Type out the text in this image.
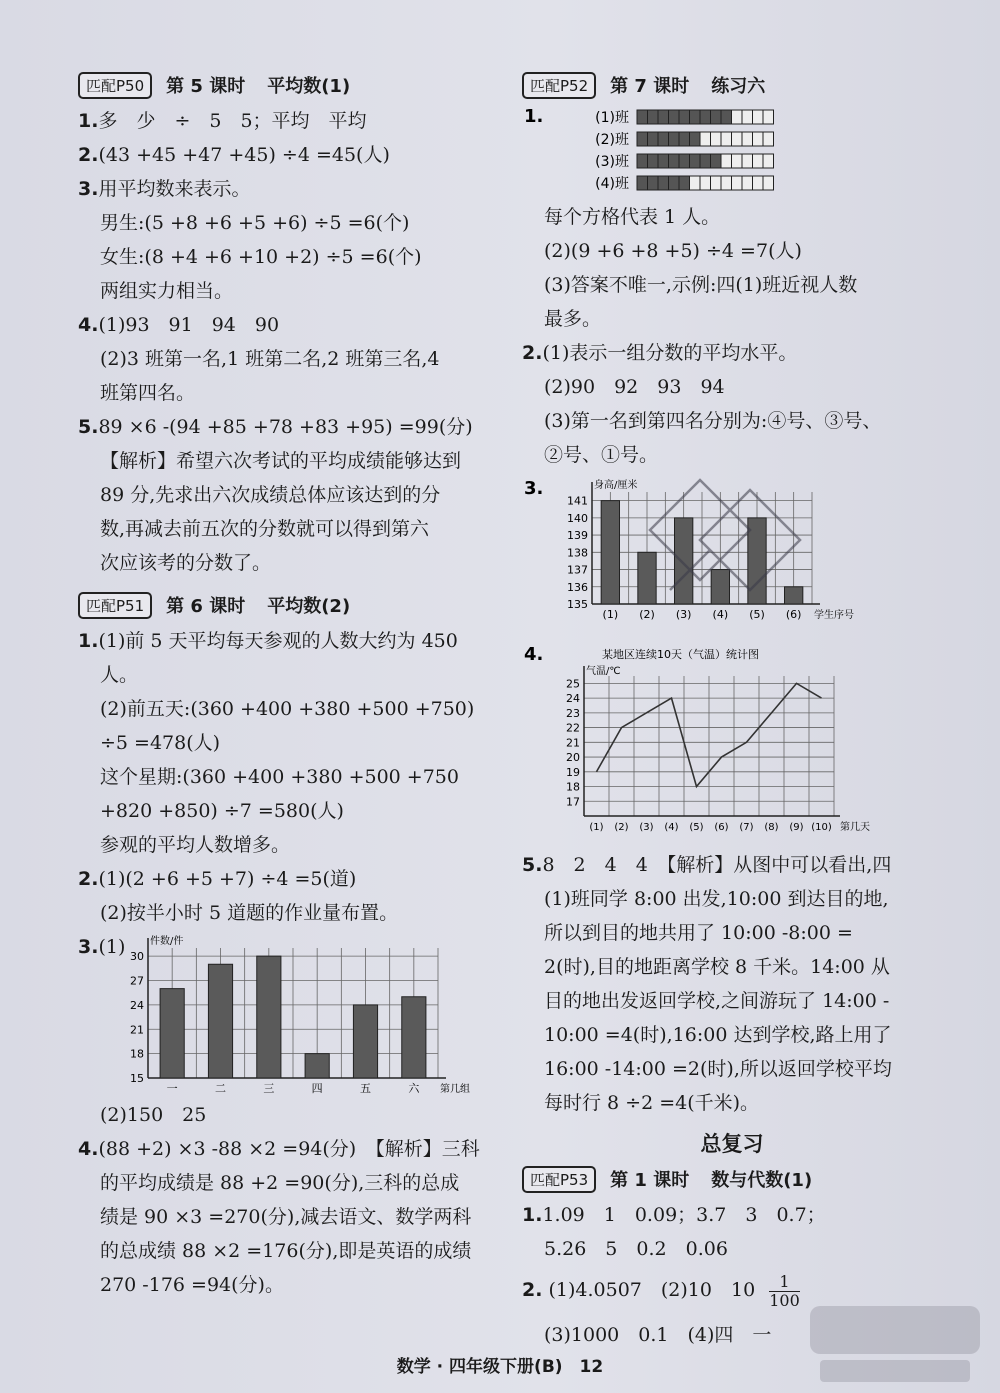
匹配P50	第 5 课时 平均数(1)
1.多　少　÷　5　5；平均　平均
2.(43 +45 +47 +45) ÷4 =45(人)
3.用平均数来表示。
男生:(5 +8 +6 +5 +6) ÷5 =6(个)
女生:(8 +4 +6 +10 +2) ÷5 =6(个)
两组实力相当。
4.(1)93　91　94　90
(2)3 班第一名,1 班第二名,2 班第三名,4
班第四名。
5.89 ×6 -(94 +85 +78 +83 +95) =99(分)
【解析】希望六次考试的平均成绩能够达到
89 分,先求出六次成绩总体应该达到的分
数,再减去前五次的分数就可以得到第六
次应该考的分数了。
匹配P51	第 6 课时 平均数(2)
1.(1)前 5 天平均每天参观的人数大约为 450
人。
(2)前五天:(360 +400 +380 +500 +750)
÷5 =478(人)
这个星期:(360 +400 +380 +500 +750
+820 +850) ÷7 =580(人)
参观的平均人数增多。
2.(1)(2 +6 +5 +7) ÷4 =5(道)
(2)按半小时 5 道题的作业量布置。
3.(1)
15
18
21
24
27
30
一	二	三	四	五	六
件数/件
第几组
(2)150　25
4.(88 +2) ×3 -88 ×2 =94(分)　【解析】三科
的平均成绩是 88 +2 =90(分),三科的总成
绩是 90 ×3 =270(分),减去语文、数学两科
的总成绩 88 ×2 =176(分),即是英语的成绩
270 -176 =94(分)。
匹配P52	第 7 课时 练习六
1.	(1)班
(2)班
(3)班
(4)班
每个方格代表 1 人。
(2)(9 +6 +8 +5) ÷4 =7(人)
(3)答案不唯一,示例:四(1)班近视人数
最多。
2.(1)表示一组分数的平均水平。
(2)90　92　93　94
(3)第一名到第四名分别为:④号、③号、
②号、①号。
135
136
137
138
139
140
141
(1) (2) (3) (4) (5) (6)
身高/厘米
学生序号
3.
4.	某地区连续10天（气温）统计图
17
18
19
20
21
22
23
24
25
(1) (2) (3) (4) (5) (6) (7) (8) (9) (10)
气温/℃
第几天
5.8　2　4　4　【解析】从图中可以看出,四
(1)班同学 8:00 出发,10:00 到达目的地,
所以到目的地共用了 10:00 -8:00 =
2(时),目的地距离学校 8 千米。14:00 从
目的地出发返回学校,之间游玩了 14:00 -
10:00 =4(时),16:00 达到学校,路上用了
16:00 -14:00 =2(时),所以返回学校平均
每时行 8 ÷2 =4(千米)。
总复习
匹配P53	第 1 课时 数与代数(1)
1.1.09　1　0.09；3.7　3　0.7；
5.26　5　0.2　0.06
2. (1)4.0507　(2)10　$10 \frac{1}{100}$
(3)1000　0.1　(4)四　一
数学 · 四年级下册(B)　12
